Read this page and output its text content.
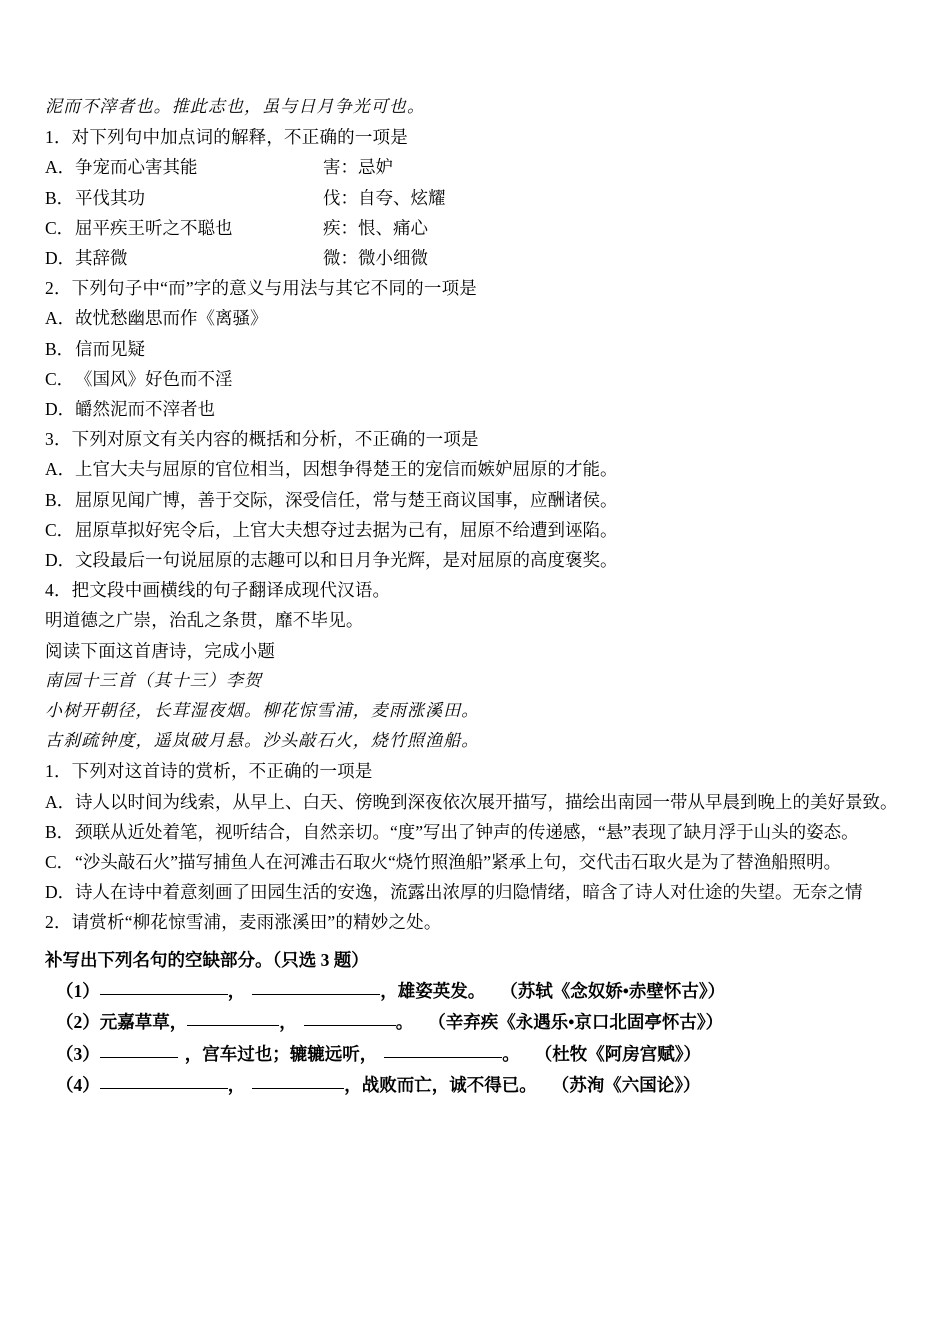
泥而不滓者也。推此志也，虽与日月争光可也。
1．对下列句中加点词的解释，不正确的一项是
A． 争宠而心害其能	害：忌妒
B． 平伐其功	伐：自夸、炫耀
C． 屈平疾王听之不聪也	疾：恨、痛心
D． 其辞微	微：微小细微
2．下列句子中“而”字的意义与用法与其它不同的一项是
A．故忧愁幽思而作《离骚》
B．信而见疑
C．《国风》好色而不淫
D．皭然泥而不滓者也
3．下列对原文有关内容的概括和分析，不正确的一项是
A．上官大夫与屈原的官位相当，因想争得楚王的宠信而嫉妒屈原的才能。
B．屈原见闻广博，善于交际，深受信任，常与楚王商议国事，应酬诸侯。
C．屈原草拟好宪令后，上官大夫想夺过去据为己有，屈原不给遭到诬陷。
D．文段最后一句说屈原的志趣可以和日月争光辉，是对屈原的高度褒奖。
4．把文段中画横线的句子翻译成现代汉语。
明道德之广崇，治乱之条贯，靡不毕见。
阅读下面这首唐诗，完成小题
南园十三首（其十三）李贺
小树开朝径，长茸湿夜烟。柳花惊雪浦，麦雨涨溪田。
古刹疏钟度，遥岚破月悬。沙头敲石火，烧竹照渔船。
1．下列对这首诗的赏析，不正确的一项是
A．诗人以时间为线索，从早上、白天、傍晚到深夜依次展开描写，描绘出南园一带从早晨到晚上的美好景致。
B．颈联从近处着笔，视听结合，自然亲切。“度”写出了钟声的传递感，“悬”表现了缺月浮于山头的姿态。
C．“沙头敲石火”描写捕鱼人在河滩击石取火“烧竹照渔船”紧承上句，交代击石取火是为了替渔船照明。
D．诗人在诗中着意刻画了田园生活的安逸，流露出浓厚的归隐情绪，暗含了诗人对仕途的失望。无奈之情
2．请赏析“柳花惊雪浦，麦雨涨溪田”的精妙之处。
补写出下列名句的空缺部分。（只选 3 题）
（1）	，	，雄姿英发。 （苏轼《念奴娇•赤壁怀古》）
（2）元嘉草草，	，	。 （辛弃疾《永遇乐•京口北固亭怀古》）
（3）	，宫车过也；辘辘远听，	。 （杜牧《阿房宫赋》）
（4）	，	，战败而亡，诚不得已。 （苏洵《六国论》）
